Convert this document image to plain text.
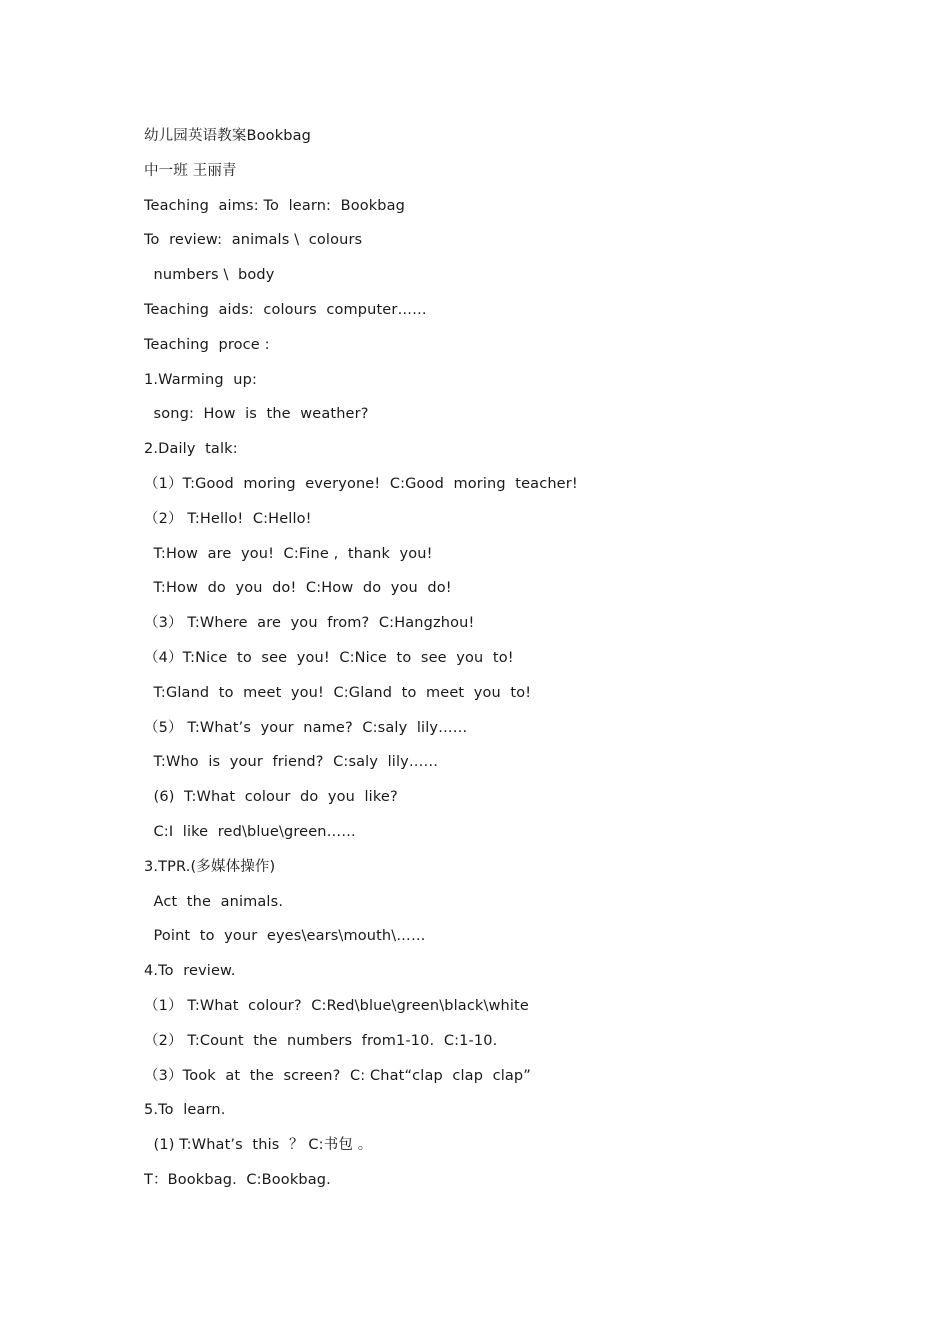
幼儿园英语教案Bookbag
中一班 王丽青
Teaching  aims: To  learn:  Bookbag
To  review:  animals \  colours
numbers \  body
Teaching  aids:  colours  computer……
Teaching  proce :
1.Warming  up:
song:  How  is  the  weather?
2.Daily  talk:
（1）T:Good  moring  everyone!  C:Good  moring  teacher!
（2） T:Hello!  C:Hello!
T:How  are  you!  C:Fine ,  thank  you!
T:How  do  you  do!  C:How  do  you  do!
（3） T:Where  are  you  from?  C:Hangzhou!
（4）T:Nice  to  see  you!  C:Nice  to  see  you  to!
T:Gland  to  meet  you!  C:Gland  to  meet  you  to!
（5） T:What’s  your  name?  C:saly  lily……
T:Who  is  your  friend?  C:saly  lily……
(6)  T:What  colour  do  you  like?
C:I  like  red\blue\green……
3.TPR.(多媒体操作)
Act  the  animals.
Point  to  your  eyes\ears\mouth\……
4.To  review.
（1） T:What  colour?  C:Red\blue\green\black\white
（2） T:Count  the  numbers  from1-10.  C:1-10.
（3）Took  at  the  screen?  C: Chat“clap  clap  clap”
5.To  learn.
(1) T:What’s  this  ？ C:书包 。
T：Bookbag.  C:Bookbag.
